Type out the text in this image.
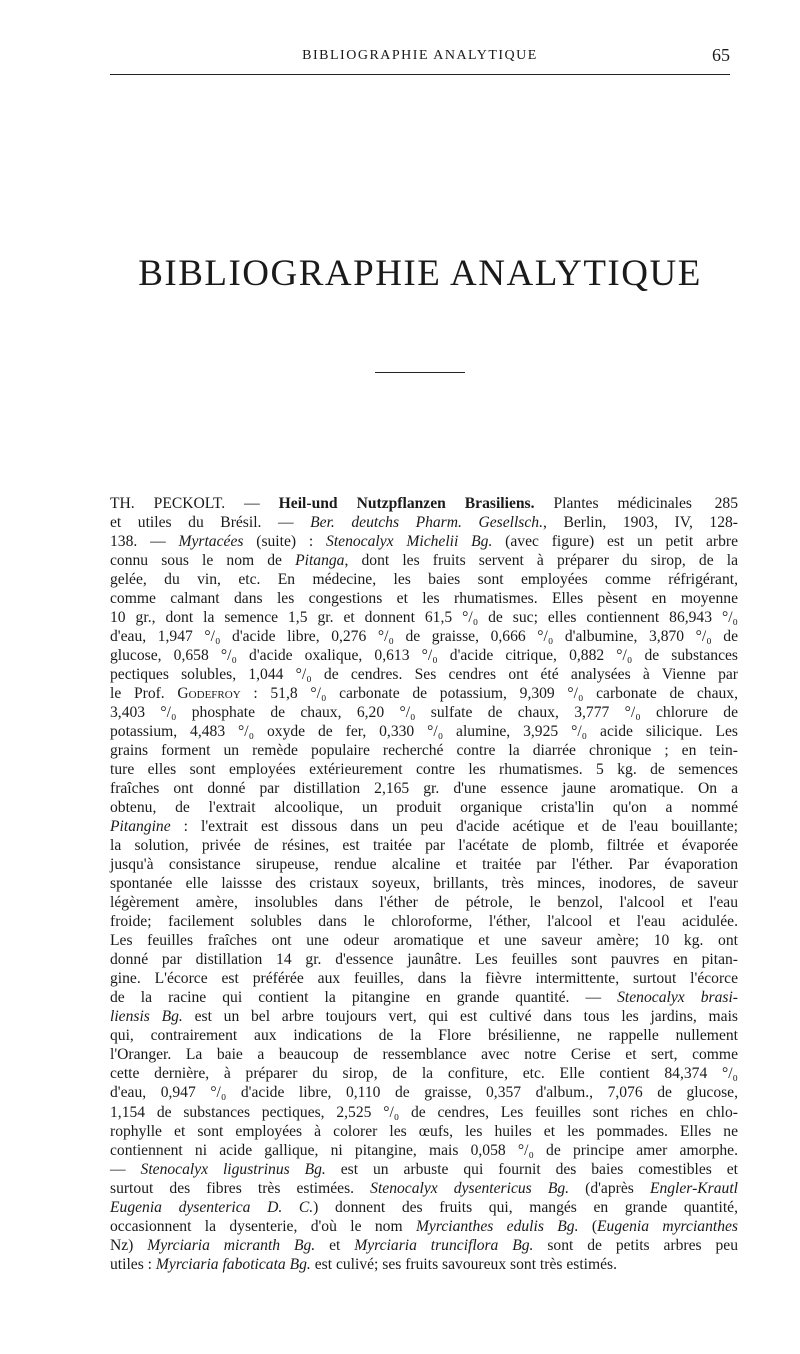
BIBLIOGRAPHIE ANALYTIQUE	65
BIBLIOGRAPHIE ANALYTIQUE
285
TH. PECKOLT. — Heil-und Nutzpflanzen Brasiliens. Plantes médicinales
et utiles du Brésil. — Ber. deutchs Pharm. Gesellsch., Berlin, 1903, IV, 128-
138. — Myrtacées (suite) : Stenocalyx Michelii Bg. (avec figure) est un petit arbre
connu sous le nom de Pitanga, dont les fruits servent à préparer du sirop, de la
gelée, du vin, etc. En médecine, les baies sont employées comme réfrigérant,
comme calmant dans les congestions et les rhumatismes. Elles pèsent en moyenne
10 gr., dont la semence 1,5 gr. et donnent 61,5 °/₀ de suc; elles contiennent 86,943 °/₀
d'eau, 1,947 °/₀ d'acide libre, 0,276 °/₀ de graisse, 0,666 °/₀ d'albumine, 3,870 °/₀ de
glucose, 0,658 °/₀ d'acide oxalique, 0,613 °/₀ d'acide citrique, 0,882 °/₀ de substances
pectiques solubles, 1,044 °/₀ de cendres. Ses cendres ont été analysées à Vienne par
le Prof. Godefroy : 51,8 °/₀ carbonate de potassium, 9,309 °/₀ carbonate de chaux,
3,403 °/₀ phosphate de chaux, 6,20 °/₀ sulfate de chaux, 3,777 °/₀ chlorure de
potassium, 4,483 °/₀ oxyde de fer, 0,330 °/₀ alumine, 3,925 °/₀ acide silicique. Les
grains forment un remède populaire recherché contre la diarrée chronique ; en tein-
ture elles sont employées extérieurement contre les rhumatismes. 5 kg. de semences
fraîches ont donné par distillation 2,165 gr. d'une essence jaune aromatique. On a
obtenu, de l'extrait alcoolique, un produit organique crista'lin qu'on a nommé
Pitangine : l'extrait est dissous dans un peu d'acide acétique et de l'eau bouillante;
la solution, privée de résines, est traitée par l'acétate de plomb, filtrée et évaporée
jusqu'à consistance sirupeuse, rendue alcaline et traitée par l'éther. Par évaporation
spontanée elle laissse des cristaux soyeux, brillants, très minces, inodores, de saveur
légèrement amère, insolubles dans l'éther de pétrole, le benzol, l'alcool et l'eau
froide; facilement solubles dans le chloroforme, l'éther, l'alcool et l'eau acidulée.
Les feuilles fraîches ont une odeur aromatique et une saveur amère; 10 kg. ont
donné par distillation 14 gr. d'essence jaunâtre. Les feuilles sont pauvres en pitan-
gine. L'écorce est préférée aux feuilles, dans la fièvre intermittente, surtout l'écorce
de la racine qui contient la pitangine en grande quantité. — Stenocalyx brasi-
liensis Bg. est un bel arbre toujours vert, qui est cultivé dans tous les jardins, mais
qui, contrairement aux indications de la Flore brésilienne, ne rappelle nullement
l'Oranger. La baie a beaucoup de ressemblance avec notre Cerise et sert, comme
cette dernière, à préparer du sirop, de la confiture, etc. Elle contient 84,374 °/₀
d'eau, 0,947 °/₀ d'acide libre, 0,110 de graisse, 0,357 d'album., 7,076 de glucose,
1,154 de substances pectiques, 2,525 °/₀ de cendres, Les feuilles sont riches en chlo-
rophylle et sont employées à colorer les œufs, les huiles et les pommades. Elles ne
contiennent ni acide gallique, ni pitangine, mais 0,058 °/₀ de principe amer amorphe.
— Stenocalyx ligustrinus Bg. est un arbuste qui fournit des baies comestibles et
surtout des fibres très estimées. Stenocalyx dysentericus Bg. (d'après Engler-Krautl
Eugenia dysenterica D. C.) donnent des fruits qui, mangés en grande quantité,
occasionnent la dysenterie, d'où le nom Myrcianthes edulis Bg. (Eugenia myrcianthes
Nz) Myrciaria micranth Bg. et Myrciaria trunciflora Bg. sont de petits arbres peu
utiles : Myrciaria faboticata Bg. est culivé; ses fruits savoureux sont très estimés.
